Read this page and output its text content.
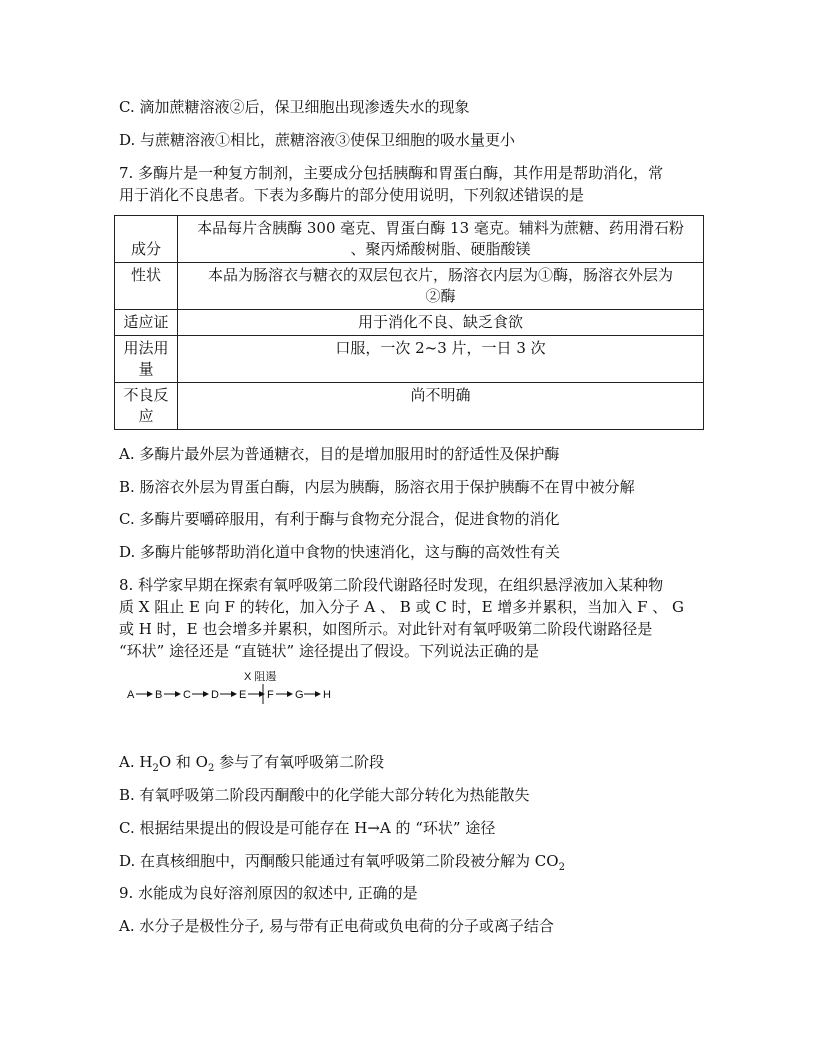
C. 滴加蔗糖溶液②后，保卫细胞出现渗透失水的现象
D. 与蔗糖溶液①相比，蔗糖溶液③使保卫细胞的吸水量更小
7. 多酶片是一种复方制剂，主要成分包括胰酶和胃蛋白酶，其作用是帮助消化，常
用于消化不良患者。下表为多酶片的部分使用说明，下列叙述错误的是
成分	本品每片含胰酶 300 毫克、胃蛋白酶 13 毫克。辅料为蔗糖、药用滑石粉
、聚丙烯酸树脂、硬脂酸镁

性状	本品为肠溶衣与糖衣的双层包衣片，肠溶衣内层为①酶，肠溶衣外层为
②酶

适应证	用于消化不良、缺乏食欲

用法用
量	口服，一次 2~3 片，一日 3 次

不良反
应	尚不明确
A. 多酶片最外层为普通糖衣，目的是增加服用时的舒适性及保护酶
B. 肠溶衣外层为胃蛋白酶，内层为胰酶，肠溶衣用于保护胰酶不在胃中被分解
C. 多酶片要嚼碎服用，有利于酶与食物充分混合，促进食物的消化
D. 多酶片能够帮助消化道中食物的快速消化，这与酶的高效性有关
8. 科学家早期在探索有氧呼吸第二阶段代谢路径时发现，在组织悬浮液加入某种物
质 X 阻止 E 向 F 的转化，加入分子 A 、 B 或 C 时，E 增多并累积，当加入 F 、 G
或 H 时，E 也会增多并累积，如图所示。对此针对有氧呼吸第二阶段代谢路径是
“环状” 途径还是 “直链状” 途径提出了假设。下列说法正确的是
X 阻遏
A B C D E F G H
A. $H_2O$ 和 $O_2$ 参与了有氧呼吸第二阶段
B. 有氧呼吸第二阶段丙酮酸中的化学能大部分转化为热能散失
C. 根据结果提出的假设是可能存在 H→A 的 “环状” 途径
D. 在真核细胞中，丙酮酸只能通过有氧呼吸第二阶段被分解为 $CO_2$
9. 水能成为良好溶剂原因的叙述中, 正确的是
A. 水分子是极性分子, 易与带有正电荷或负电荷的分子或离子结合
